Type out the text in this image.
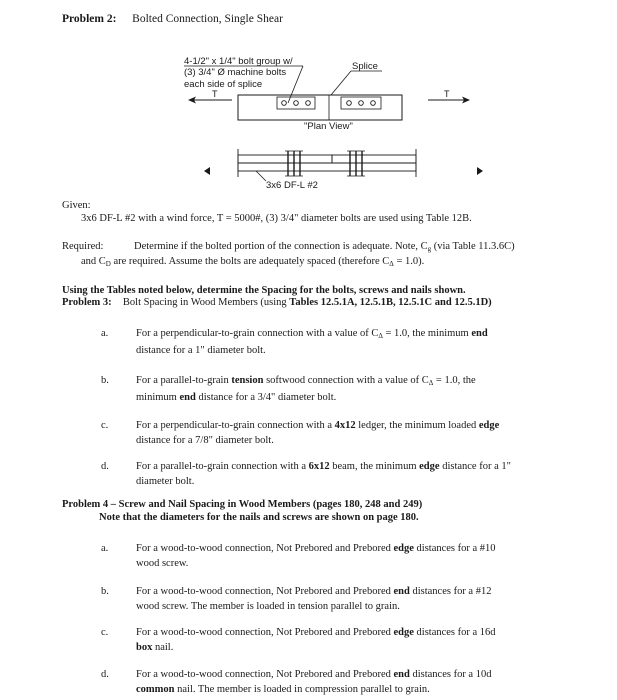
Problem 2: Bolted Connection, Single Shear
4-1/2" x 1/4" bolt group w/
(3) 3/4" Ø machine bolts
each side of splice
Splice
T	T
"Plan View"
3x6 DF-L #2
Given:
3x6 DF-L #2 with a wind force, T = 5000#, (3) 3/4" diameter bolts are used using Table 12B.
Required:	Determine if the bolted portion of the connection is adequate. Note, $C_g$ (via Table 11.3.6C)
and $C_D$ are required. Assume the bolts are adequately spaced (therefore $C_\Delta = 1.0$).
Using the Tables noted below, determine the Spacing for the bolts, screws and nails shown.
Problem 3: Bolt Spacing in Wood Members (using Tables 12.5.1A, 12.5.1B, 12.5.1C and 12.5.1D)
a.	For a perpendicular-to-grain connection with a value of $C_\Delta = 1.0$, the minimum end
distance for a 1" diameter bolt.
b.	For a parallel-to-grain tension softwood connection with a value of $C_\Delta = 1.0$, the
minimum end distance for a 3/4" diameter bolt.
c.	For a perpendicular-to-grain connection with a 4x12 ledger, the minimum loaded edge
distance for a 7/8" diameter bolt.
d.	For a parallel-to-grain connection with a 6x12 beam, the minimum edge distance for a 1"
diameter bolt.
Problem 4 – Screw and Nail Spacing in Wood Members (pages 180, 248 and 249)
Note that the diameters for the nails and screws are shown on page 180.
a.	For a wood-to-wood connection, Not Prebored and Prebored edge distances for a #10
wood screw.
b.	For a wood-to-wood connection, Not Prebored and Prebored end distances for a #12
wood screw. The member is loaded in tension parallel to grain.
c.	For a wood-to-wood connection, Not Prebored and Prebored edge distances for a 16d
box nail.
d.	For a wood-to-wood connection, Not Prebored and Prebored end distances for a 10d
common nail. The member is loaded in compression parallel to grain.
